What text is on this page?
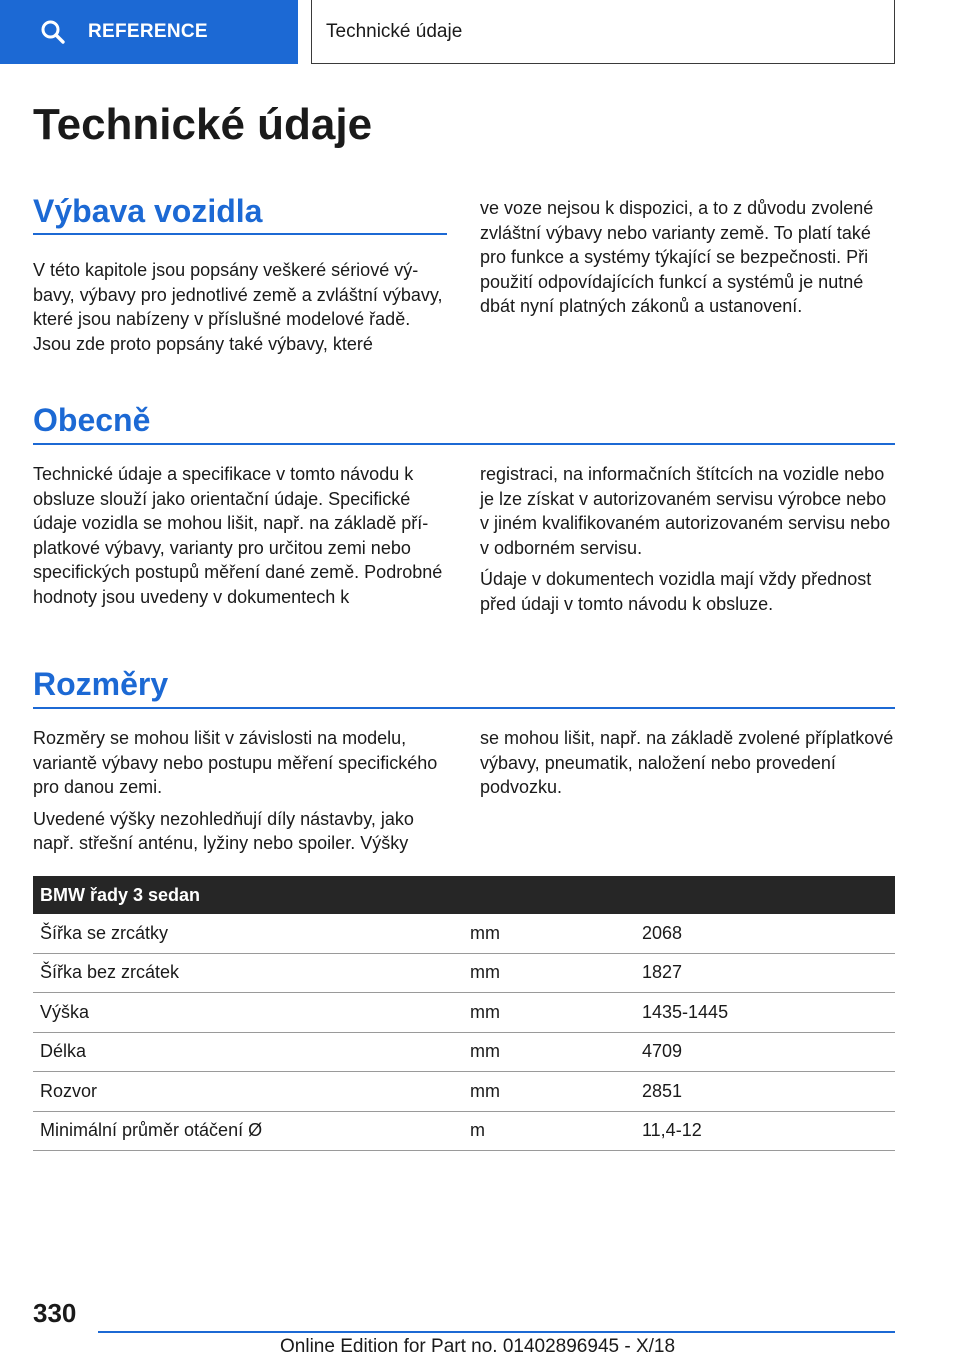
REFERENCE	Technické údaje
Technické údaje
Výbava vozidla

V této kapitole jsou popsány veškeré sériové výbavy, výbavy pro jednotlivé země a zvláštní výbavy, které jsou nabízeny v příslušné modelové řadě. Jsou zde proto popsány také výbavy, které

ve voze nejsou k dispozici, a to z důvodu zvolené zvláštní výbavy nebo varianty země. To platí také pro funkce a systémy týkající se bezpečnosti. Při použití odpovídajících funkcí a systémů je nutné dbát nyní platných zákonů a ustanovení.

Obecně

Technické údaje a specifikace v tomto návodu k obsluze slouží jako orientační údaje. Specifické údaje vozidla se mohou lišit, např. na základě příplatkové výbavy, varianty pro určitou zemi nebo specifických postupů měření dané země. Podrobné hodnoty jsou uvedeny v dokumentech k

registraci, na informačních štítcích na vozidle nebo je lze získat v autorizovaném servisu výrobce nebo v jiném kvalifikovaném autorizovaném servisu nebo v odborném servisu.

Údaje v dokumentech vozidla mají vždy přednost před údaji v tomto návodu k obsluze.

Rozměry

Rozměry se mohou lišit v závislosti na modelu, variantě výbavy nebo postupu měření specifického pro danou zemi.

Uvedené výšky nezohledňují díly nástavby, jako např. střešní anténu, lyžiny nebo spoiler. Výšky

se mohou lišit, např. na základě zvolené příplatkové výbavy, pneumatik, naložení nebo provedení podvozku.

BMW řady 3 sedan
Šířka se zrcátky	mm	2068
Šířka bez zrcátek	mm	1827
Výška	mm	1435-1445
Délka	mm	4709
Rozvor	mm	2851
Minimální průměr otáčení Ø	m	11,4-12
330
Online Edition for Part no. 01402896945 - X/18
